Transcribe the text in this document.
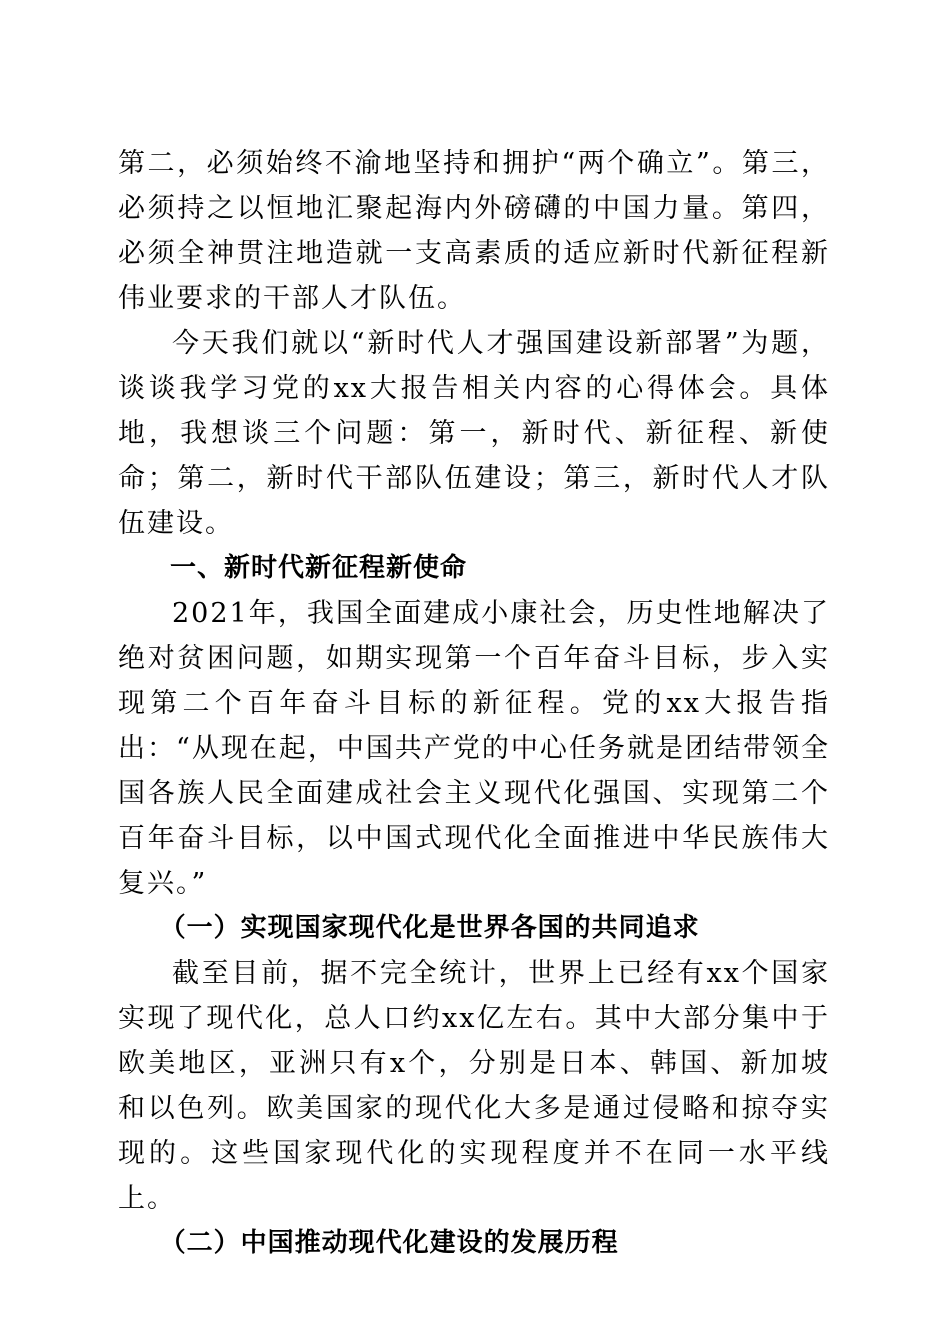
第二，必须始终不渝地坚持和拥护“两个确立”。第三，必须持之以恒地汇聚起海内外磅礴的中国力量。第四，必须全神贯注地造就一支高素质的适应新时代新征程新伟业要求的干部人才队伍。

今天我们就以“新时代人才强国建设新部署”为题，谈谈我学习党的xx大报告相关内容的心得体会。具体地，我想谈三个问题：第一，新时代、新征程、新使命；第二，新时代干部队伍建设；第三，新时代人才队伍建设。

一、新时代新征程新使命

2021年，我国全面建成小康社会，历史性地解决了绝对贫困问题，如期实现第一个百年奋斗目标，步入实现第二个百年奋斗目标的新征程。党的xx大报告指出：“从现在起，中国共产党的中心任务就是团结带领全国各族人民全面建成社会主义现代化强国、实现第二个百年奋斗目标，以中国式现代化全面推进中华民族伟大复兴。”

（一）实现国家现代化是世界各国的共同追求

截至目前，据不完全统计，世界上已经有xx个国家实现了现代化，总人口约xx亿左右。其中大部分集中于欧美地区，亚洲只有x个，分别是日本、韩国、新加坡和以色列。欧美国家的现代化大多是通过侵略和掠夺实现的。这些国家现代化的实现程度并不在同一水平线上。

（二）中国推动现代化建设的发展历程
